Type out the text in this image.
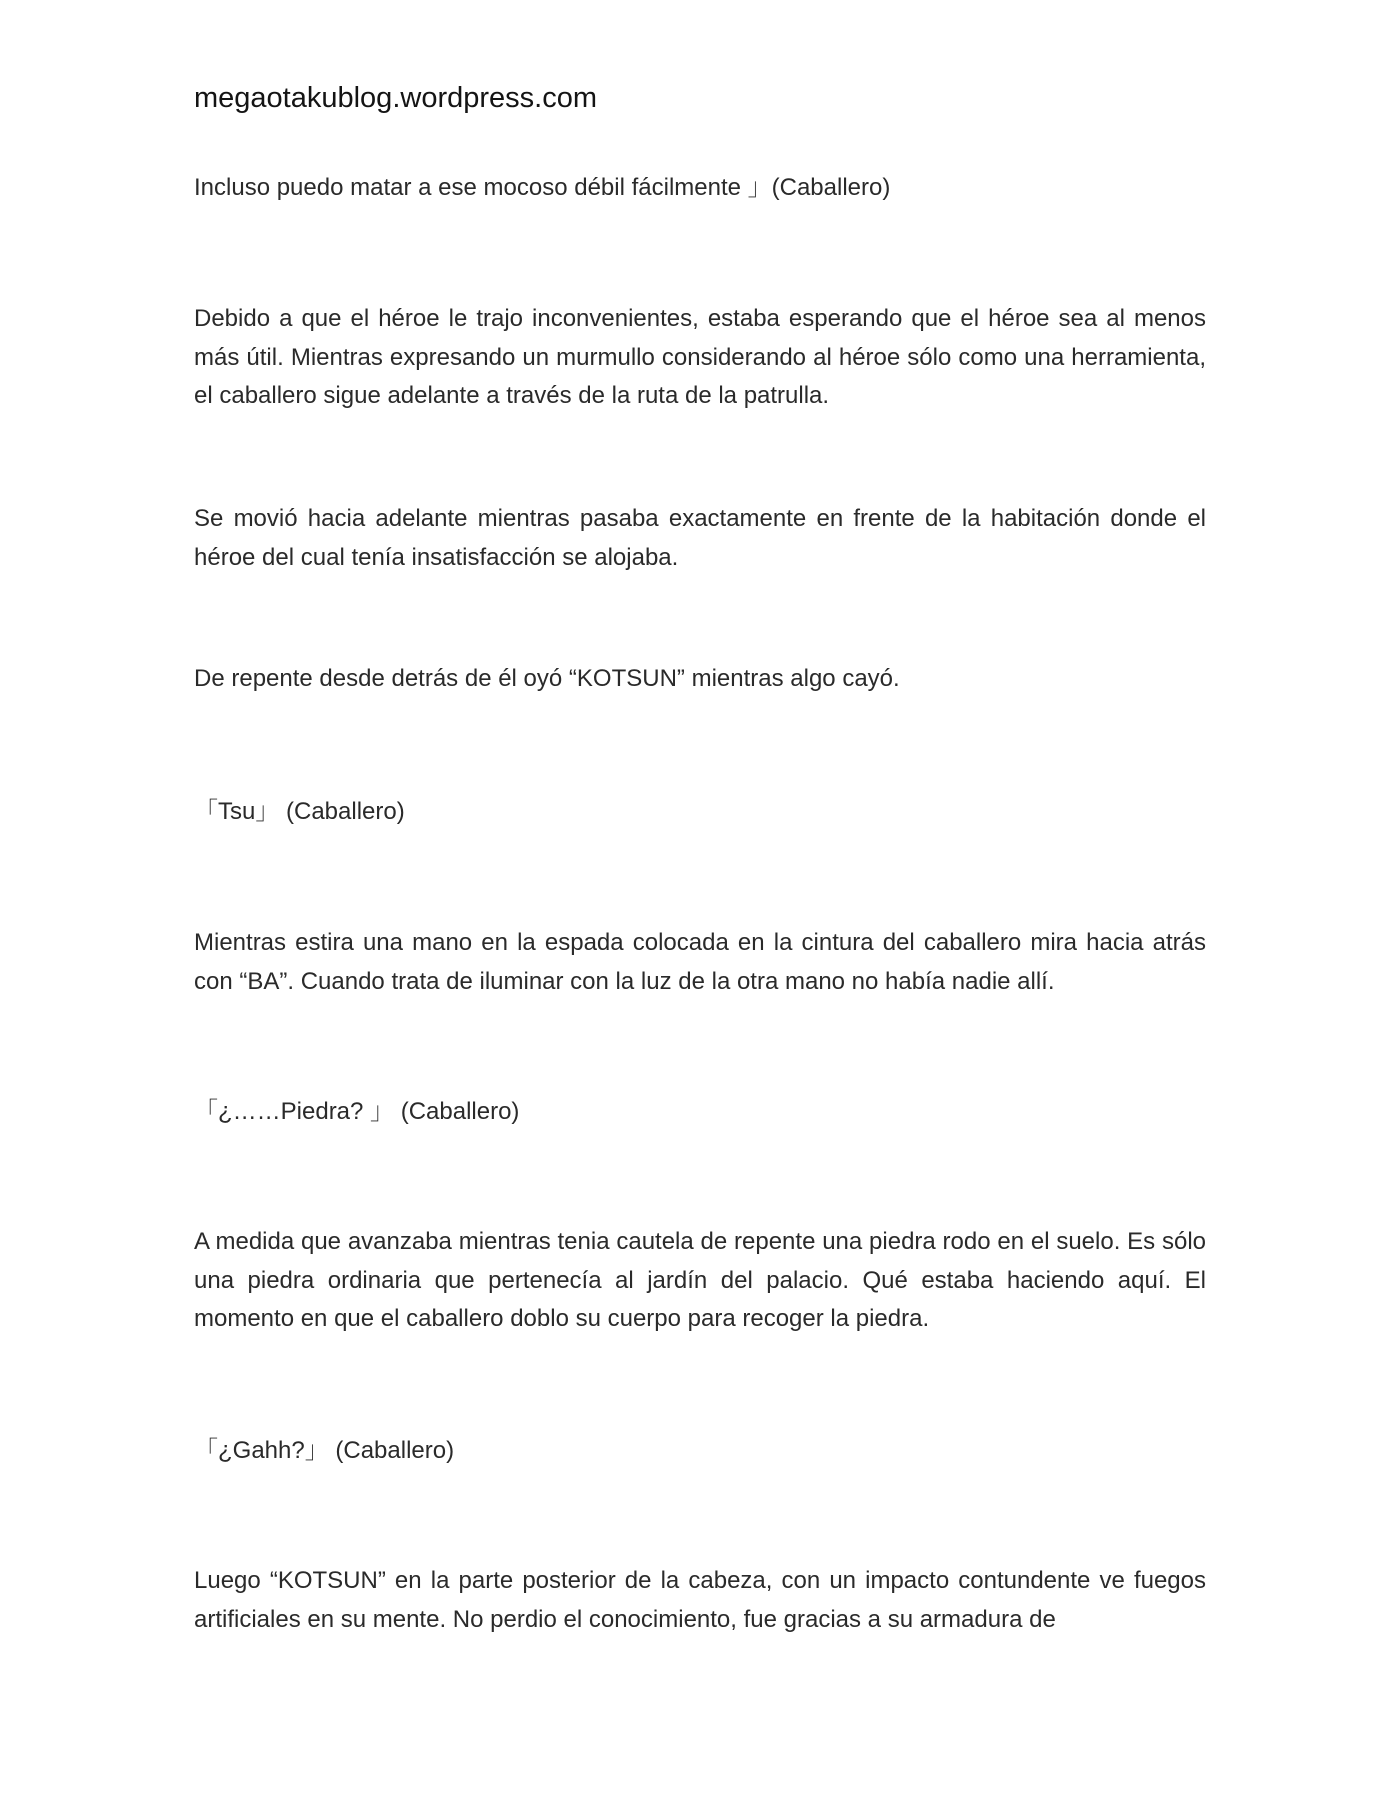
megaotakublog.wordpress.com

Incluso puedo matar a ese mocoso débil fácilmente 」(Caballero)

Debido a que el héroe le trajo inconvenientes, estaba esperando que el héroe sea al menos más útil. Mientras expresando un murmullo considerando al héroe sólo como una herramienta, el caballero sigue adelante a través de la ruta de la patrulla.

Se movió hacia adelante mientras pasaba exactamente en frente de la habitación donde el héroe del cual tenía insatisfacción se alojaba.

De repente desde detrás de él oyó “KOTSUN” mientras algo cayó.

「Tsu」 (Caballero)

Mientras estira una mano en la espada colocada en la cintura del caballero mira hacia atrás con “BA”. Cuando trata de iluminar con la luz de la otra mano no había nadie allí.

「¿……Piedra? 」 (Caballero)

A medida que avanzaba mientras tenia cautela de repente una piedra rodo en el suelo. Es sólo una piedra ordinaria que pertenecía al jardín del palacio. Qué estaba haciendo aquí. El momento en que el caballero doblo su cuerpo para recoger la piedra.

「¿Gahh?」 (Caballero)

Luego “KOTSUN” en la parte posterior de la cabeza, con un impacto contundente ve fuegos artificiales en su mente. No perdio el conocimiento, fue gracias a su armadura de
